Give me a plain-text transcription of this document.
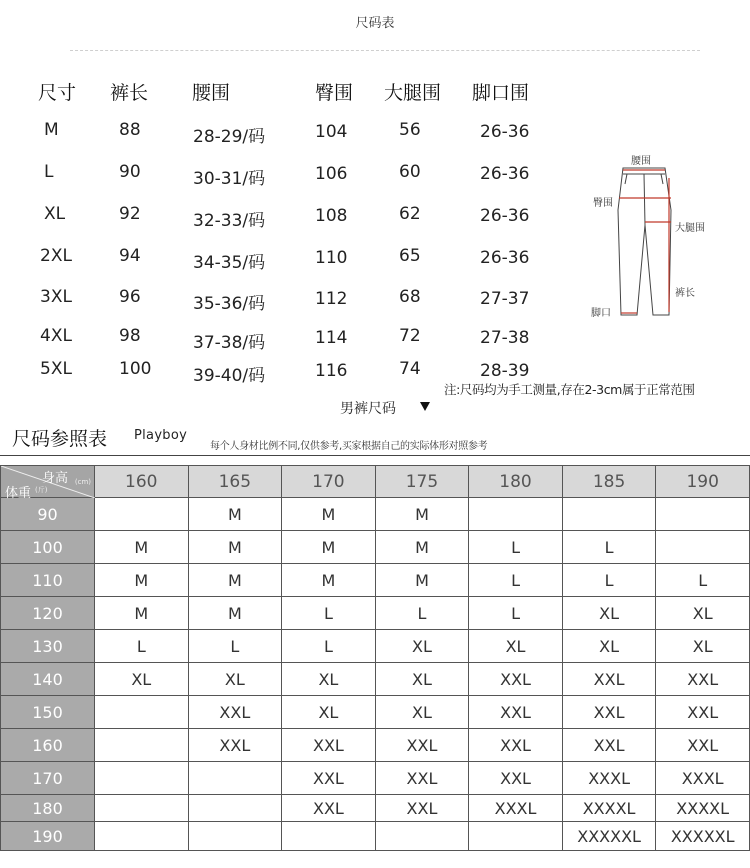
尺码表
尺寸 裤长 腰围	臀围 大腿围 脚口围
M	88	28-29/码	104	56	26-36
L	90	30-31/码	106	60	26-36
XL	92	32-33/码	108	62	26-36
2XL	94	34-35/码	110	65	26-36
3XL	96	35-36/码	112	68	27-37
4XL	98	37-38/码	114	72	27-38
5XL	100 39-40/码	116	74	28-39
腰围
臀围
大腿围
裤长
脚口
注:尺码均为手工测量,存在2-3cm属于正常范围
男裤尺码
尺码参照表 Playboy
每个人身材比例不同,仅供参考,买家根据自己的实际体形对照参考
身高 (cm)
体重 (斤)	160	165	170	175	180	185	190
90		M	M	M			
100	M	M	M	M	L	L	
110	M	M	M	M	L	L	L
120	M	M	L	L	L	XL	XL
130	L	L	L	XL	XL	XL	XL
140	XL	XL	XL	XL	XXL	XXL	XXL
150		XXL	XL	XL	XXL	XXL	XXL
160		XXL	XXL	XXL	XXL	XXL	XXL
170			XXL	XXL	XXL	XXXL	XXXL
180			XXL	XXL	XXXL	XXXXL	XXXXL
190						XXXXXL	XXXXXL
